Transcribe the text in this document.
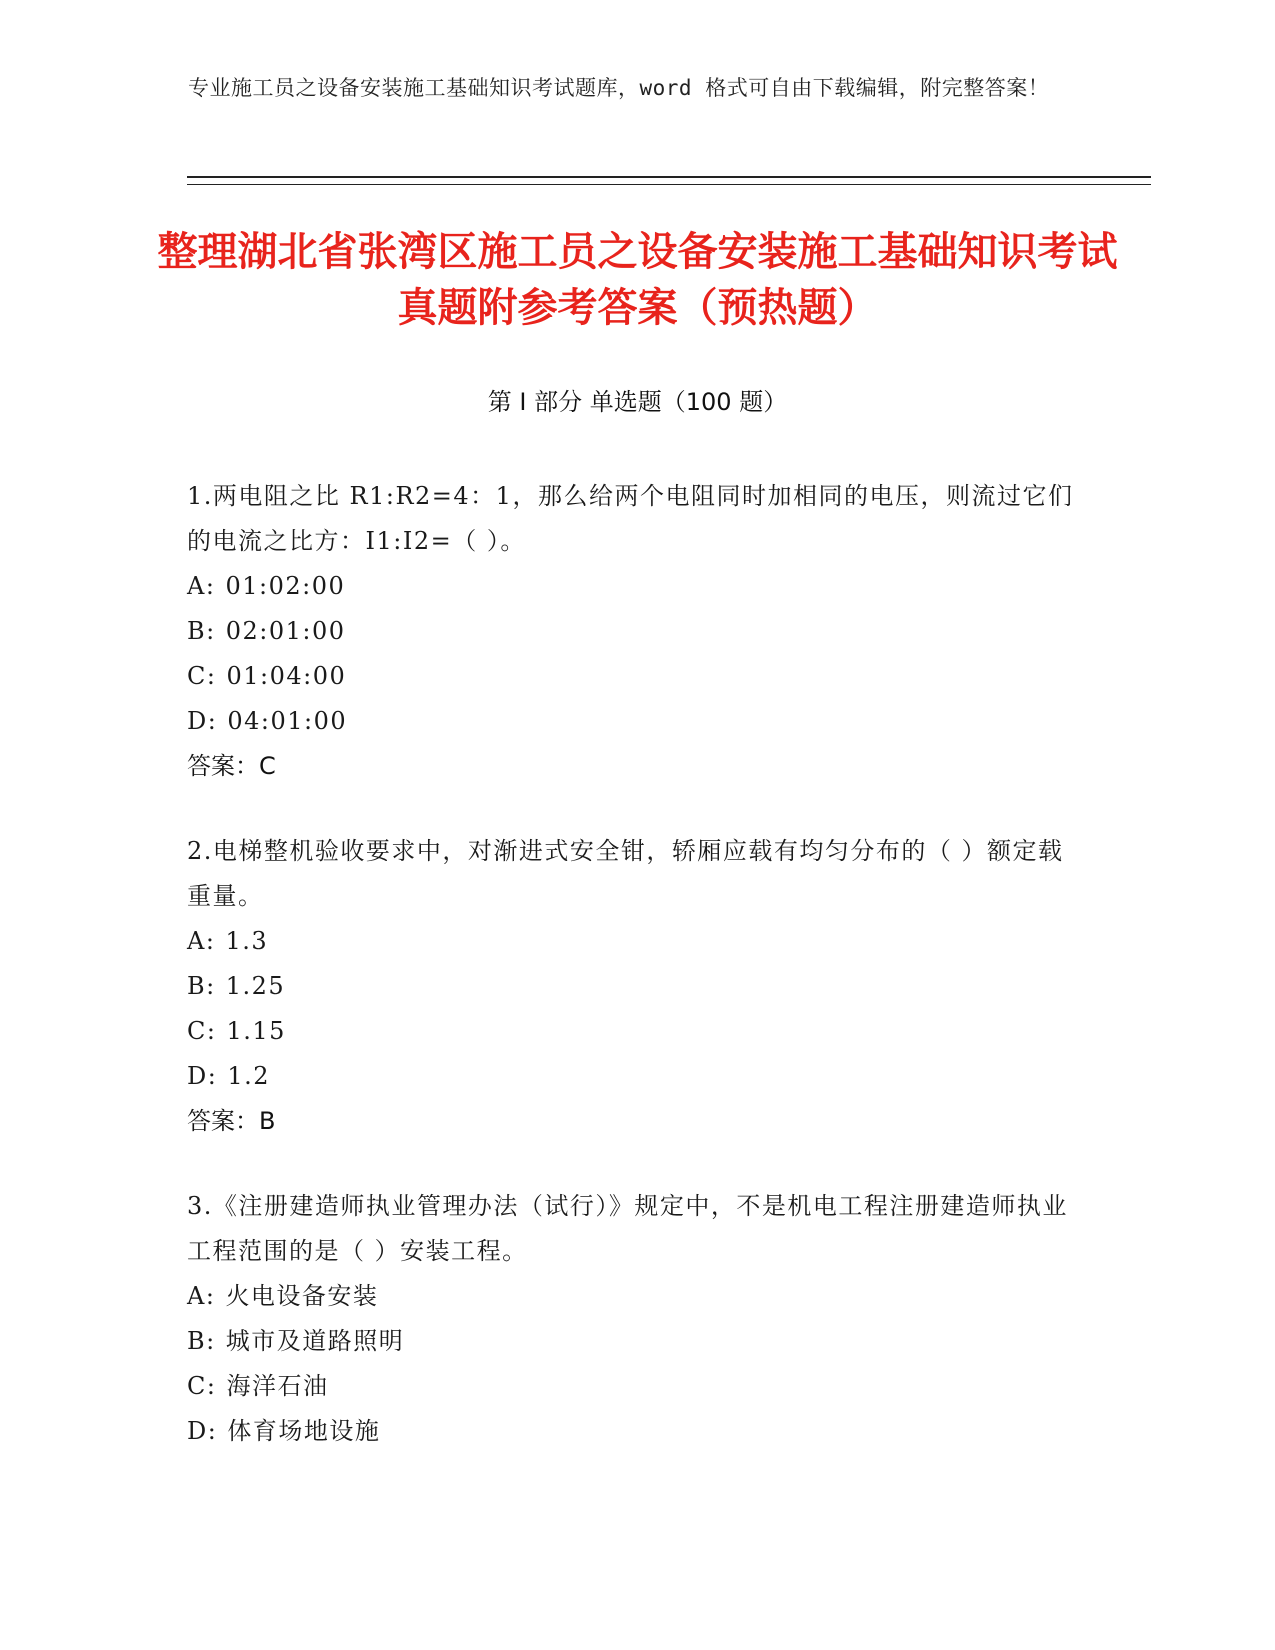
专业施工员之设备安装施工基础知识考试题库，word 格式可自由下载编辑，附完整答案！
整理湖北省张湾区施工员之设备安装施工基础知识考试真题附参考答案（预热题）
第 I 部分 单选题（100 题）

1.两电阻之比 R1:R2=4：1，那么给两个电阻同时加相同的电压，则流过它们的电流之比方：I1:I2=（ ）。

A : 01:02:00
B : 02:01:00
C : 01:04:00
D : 04:01:00
答案：C

2.电梯整机验收要求中，对渐进式安全钳，轿厢应载有均匀分布的（ ）额定载重量。

A : 1.3
B : 1.25
C : 1.15
D : 1.2
答案：B

3.《注册建造师执业管理办法（试行）》规定中，不是机电工程注册建造师执业工程范围的是（ ）安装工程。

A : 火电设备安装
B : 城市及道路照明
C : 海洋石油
D : 体育场地设施
